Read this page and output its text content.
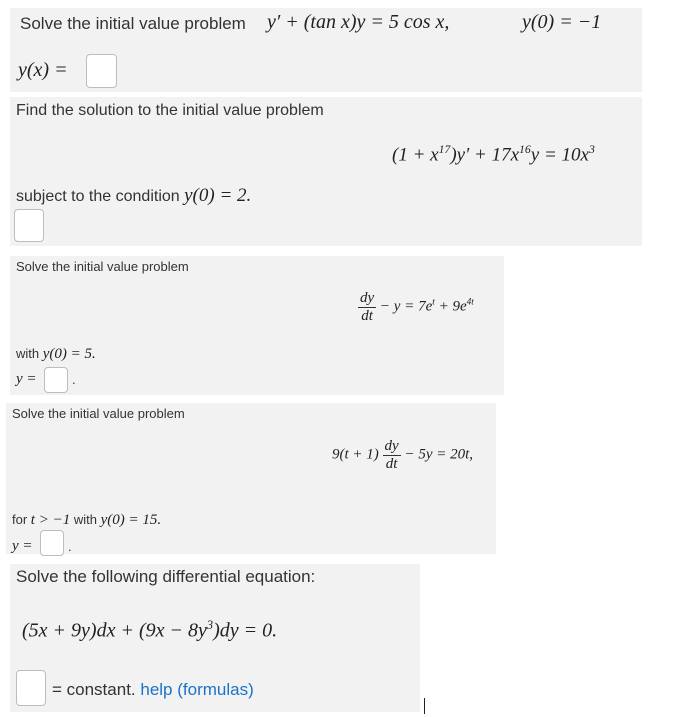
Solve the initial value problem y′ + (tan x)y = 5 cos x,	y(0) = −1
y(x) =
Find the solution to the initial value problem
$(1 + x^{17})y' + 17x^{16}y = 10x^3$
subject to the condition y(0) = 2.
Solve the initial value problem
$\frac{dy}{dt} - y = 7e^t + 9e^{4t}$
with y(0) = 5.
y =	.
Solve the initial value problem
$9(t + 1) \frac{dy}{dt} - 5y = 20t$,
for t > −1 with y(0) = 15.
y =	.
Solve the following differential equation:
$(5x + 9y)dx + (9x - 8y^3)dy = 0$.
= constant. help (formulas)
